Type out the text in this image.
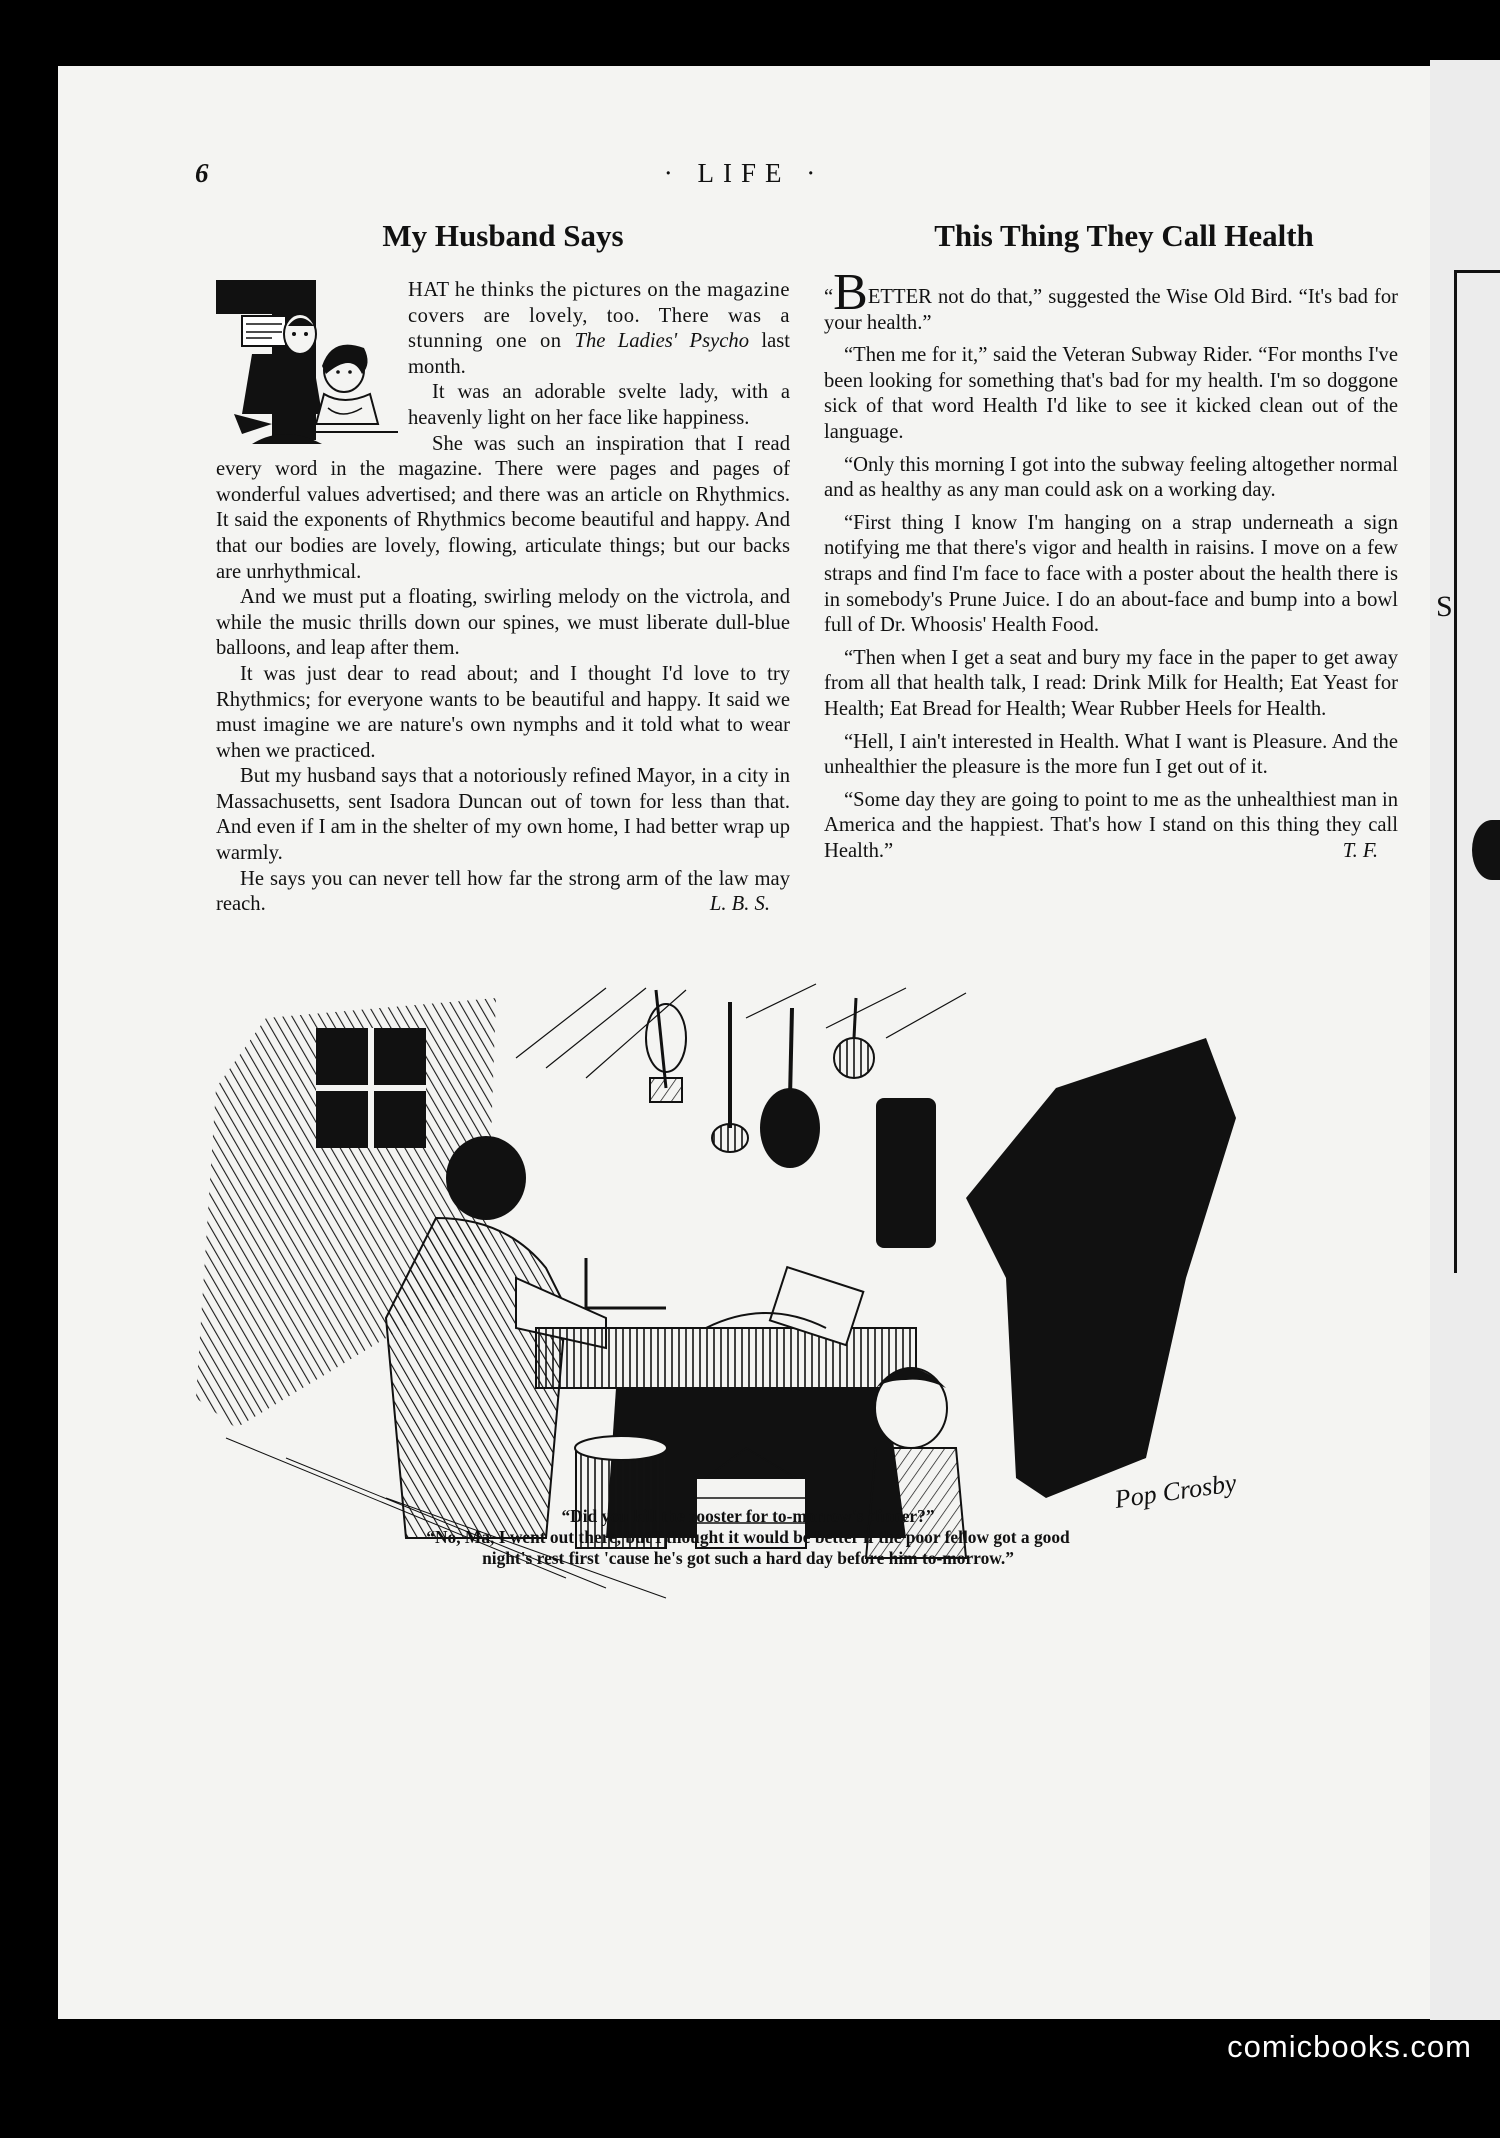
S
6	· LIFE ·
My Husband Says

HAT he thinks the pictures on the magazine covers are lovely, too. There was a stunning one on The Ladies' Psycho last month.

It was an adorable svelte lady, with a heavenly light on her face like happiness.

She was such an inspiration that I read every word in the magazine. There were pages and pages of wonderful values advertised; and there was an article on Rhythmics. It said the exponents of Rhythmics become beautiful and happy. And that our bodies are lovely, flowing, articulate things; but our backs are unrhythmical.

And we must put a floating, swirling melody on the victrola, and while the music thrills down our spines, we must liberate dull-blue balloons, and leap after them.

It was just dear to read about; and I thought I'd love to try Rhythmics; for everyone wants to be beautiful and happy. It said we must imagine we are nature's own nymphs and it told what to wear when we practiced.

But my husband says that a notoriously refined Mayor, in a city in Massachusetts, sent Isadora Duncan out of town for less than that. And even if I am in the shelter of my own home, I had better wrap up warmly.

He says you can never tell how far the strong arm of the law may reach.	L. B. S.

This Thing They Call Health

“BETTER not do that,” suggested the Wise Old Bird. “It's bad for your health.”

“Then me for it,” said the Veteran Subway Rider. “For months I've been looking for something that's bad for my health. I'm so doggone sick of that word Health I'd like to see it kicked clean out of the language.

“Only this morning I got into the subway feeling altogether normal and as healthy as any man could ask on a working day.

“First thing I know I'm hanging on a strap underneath a sign notifying me that there's vigor and health in raisins. I move on a few straps and find I'm face to face with a poster about the health there is in somebody's Prune Juice. I do an about-face and bump into a bowl full of Dr. Whoosis' Health Food.

“Then when I get a seat and bury my face in the paper to get away from all that health talk, I read: Drink Milk for Health; Eat Yeast for Health; Eat Bread for Health; Wear Rubber Heels for Health.

“Hell, I ain't interested in Health. What I want is Pleasure. And the unhealthier the pleasure is the more fun I get out of it.

“Some day they are going to point to me as the unhealthiest man in America and the happiest. That's how I stand on this thing they call Health.”	T. F.

Pop Crosby
“Did you kill the rooster for to-morrow's dinner?”
“No, Ma, I went out there, but I thought it would be better if the poor fellow got a good
night's rest first 'cause he's got such a hard day before him to-morrow.”
comicbooks.com
